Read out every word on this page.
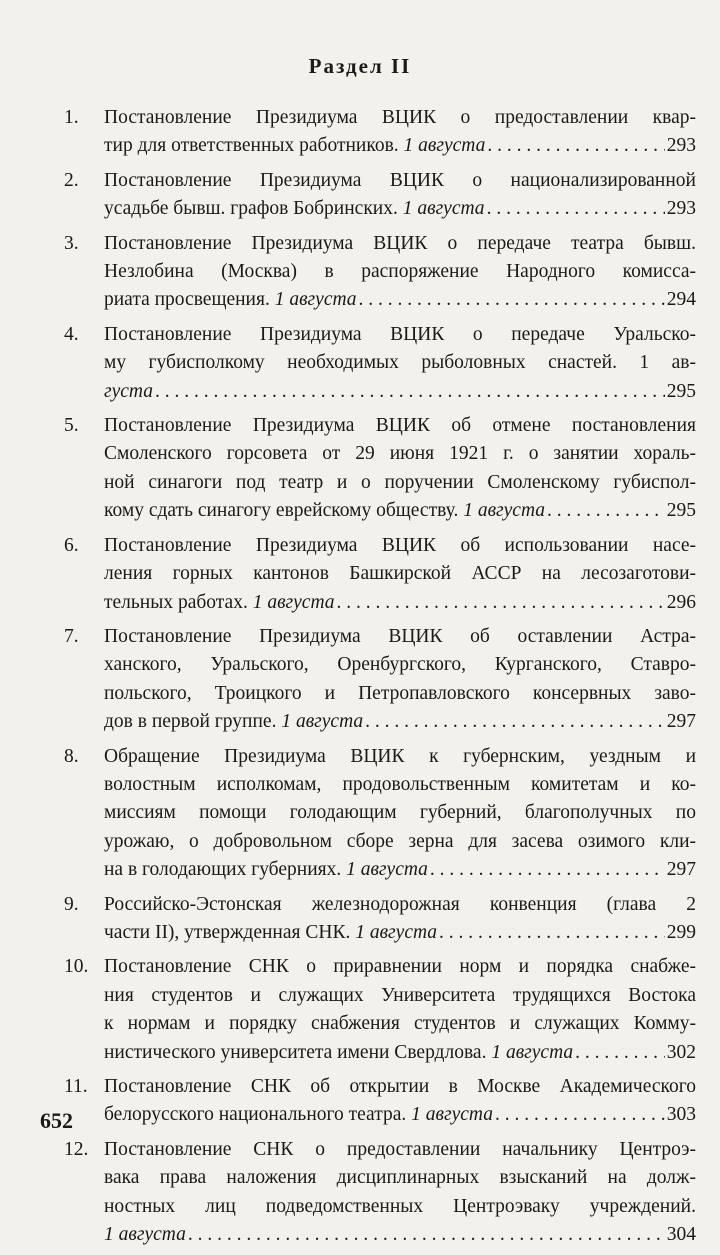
Раздел II
1. Постановление Президиума ВЦИК о предоставлении квар-
тир для ответственных работников. 1 августа . . .	293
2. Постановление Президиума ВЦИК о национализированной
усадьбе бывш. графов Бобринских. 1 августа . . .	293
3. Постановление Президиума ВЦИК о передаче театра бывш.
Незлобина (Москва) в распоряжение Народного комисса-
риата просвещения. 1 августа . . .	294
4. Постановление Президиума ВЦИК о передаче Уральско-
му губисполкому необходимых рыболовных снастей. 1 ав-
густа . . .	295
5. Постановление Президиума ВЦИК об отмене постановления
Смоленского горсовета от 29 июня 1921 г. о занятии хораль-
ной синагоги под театр и о поручении Смоленскому губиспол-
кому сдать синагогу еврейскому обществу. 1 августа . . .	295
6. Постановление Президиума ВЦИК об использовании насе-
ления горных кантонов Башкирской АССР на лесозаготови-
тельных работах. 1 августа . . .	296
7. Постановление Президиума ВЦИК об оставлении Астра-
ханского, Уральского, Оренбургского, Курганского, Ставро-
польского, Троицкого и Петропавловского консервных заво-
дов в первой группе. 1 августа . . .	297
8. Обращение Президиума ВЦИК к губернским, уездным и
волостным исполкомам, продовольственным комитетам и ко-
миссиям помощи голодающим губерний, благополучных по
урожаю, о добровольном сборе зерна для засева озимого кли-
на в голодающих губерниях. 1 августа . . .	297
9. Российско-Эстонская железнодорожная конвенция (глава 2
части II), утвержденная СНК. 1 августа . . .	299
10. Постановление СНК о приравнении норм и порядка снабже-
ния студентов и служащих Университета трудящихся Востока
к нормам и порядку снабжения студентов и служащих Комму-
нистического университета имени Свердлова. 1 августа . . .	302
11. Постановление СНК об открытии в Москве Академического
белорусского национального театра. 1 августа . . .	303
12. Постановление СНК о предоставлении начальнику Центроэ-
вака права наложения дисциплинарных взысканий на долж-
ностных лиц подведомственных Центроэваку учреждений.
1 августа . . .	304
652
